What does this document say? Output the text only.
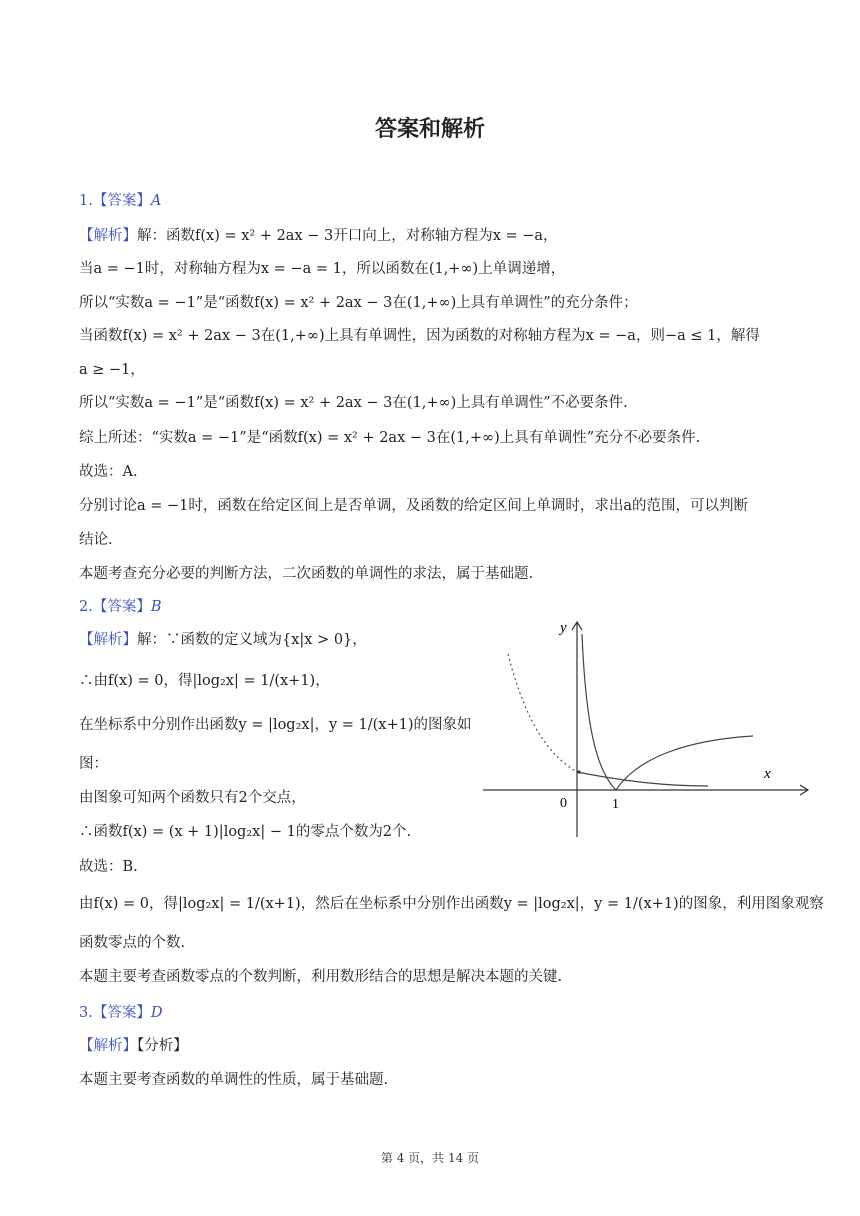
答案和解析
1.【答案】A
【解析】解：函数f(x) = x² + 2ax − 3开口向上，对称轴方程为x = −a，
当a = −1时，对称轴方程为x = −a = 1，所以函数在(1,+∞)上单调递增，
所以“实数a = −1”是“函数f(x) = x² + 2ax − 3在(1,+∞)上具有单调性”的充分条件；
当函数f(x) = x² + 2ax − 3在(1,+∞)上具有单调性，因为函数的对称轴方程为x = −a，则−a ≤ 1，解得
a ≥ −1，
所以“实数a = −1”是“函数f(x) = x² + 2ax − 3在(1,+∞)上具有单调性”不必要条件.
综上所述：“实数a = −1”是“函数f(x) = x² + 2ax − 3在(1,+∞)上具有单调性”充分不必要条件.
故选：A.
分别讨论a = −1时，函数在给定区间上是否单调，及函数的给定区间上单调时，求出a的范围，可以判断
结论.
本题考查充分必要的判断方法，二次函数的单调性的求法，属于基础题.
2.【答案】B
【解析】解：∵函数的定义域为{x|x > 0}，
∴由f(x) = 0，得|log₂x| = 1/(x+1)，
在坐标系中分别作出函数y = |log₂x|，y = 1/(x+1)的图象如
图：
由图象可知两个函数只有2个交点，
∴函数f(x) = (x + 1)|log₂x| − 1的零点个数为2个.
故选：B.
由f(x) = 0，得|log₂x| = 1/(x+1)，然后在坐标系中分别作出函数y = |log₂x|，y = 1/(x+1)的图象，利用图象观察
函数零点的个数.
本题主要考查函数零点的个数判断，利用数形结合的思想是解决本题的关键.
y
x
0	1
3.【答案】D
【解析】【分析】
本题主要考查函数的单调性的性质，属于基础题.
第 4 页，共 14 页
